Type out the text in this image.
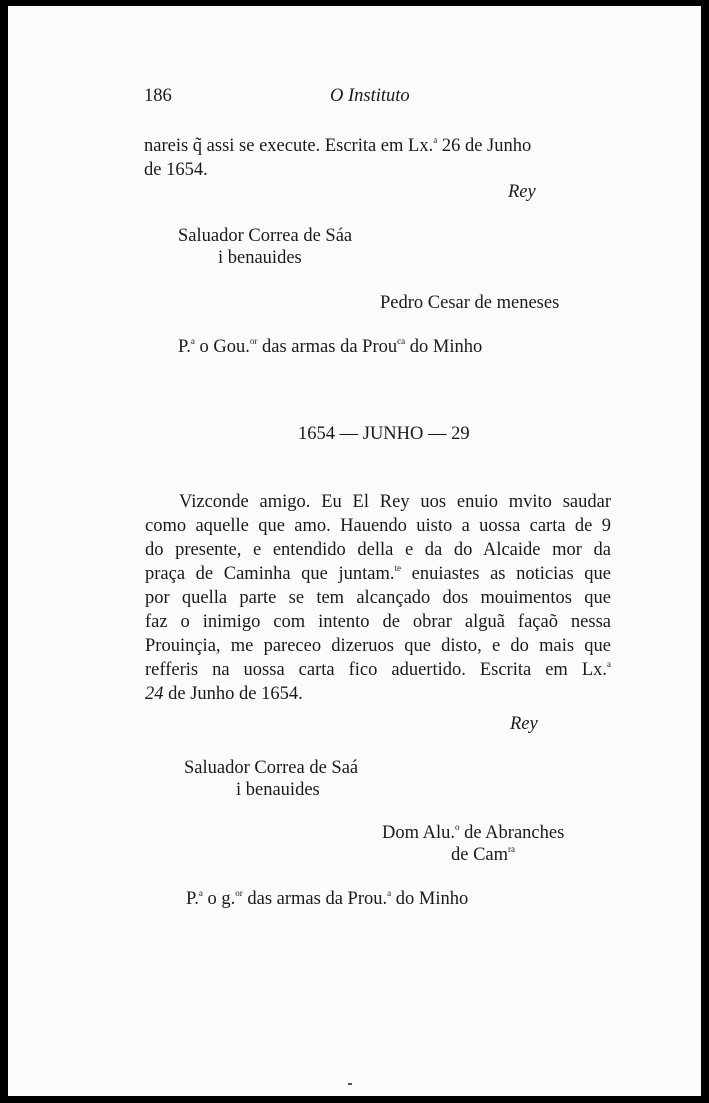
186	O Instituto
nareis q̃ assi se execute. Escrita em Lx.$^a$ 26 de Junho
de 1654.
Rey
Saluador Correa de Sáa
i benauides
Pedro Cesar de meneses
P.$^a$ o Gou.$^{or}$ das armas da Prou$^{ca}$ do Minho
1654 — JUNHO — 29
Vizconde amigo. Eu El Rey uos enuio mvito saudar
como aquelle que amo. Hauendo uisto a uossa carta de 9
do presente, e entendido della e da do Alcaide mor da
praça de Caminha que juntam.$^{te}$ enuiastes as noticias que
por quella parte se tem alcançado dos mouimentos que
faz o inimigo com intento de obrar alguã façaõ nessa
Prouinçia, me pareceo dizeruos que disto, e do mais que
refferis na uossa carta fico aduertido. Escrita em Lx.$^a$
24 de Junho de 1654.
Rey
Saluador Correa de Saá
i benauides
Dom Alu.$^o$ de Abranches
de Cam$^{ra}$
P.$^a$ o g.$^{or}$ das armas da Prou.$^a$ do Minho
